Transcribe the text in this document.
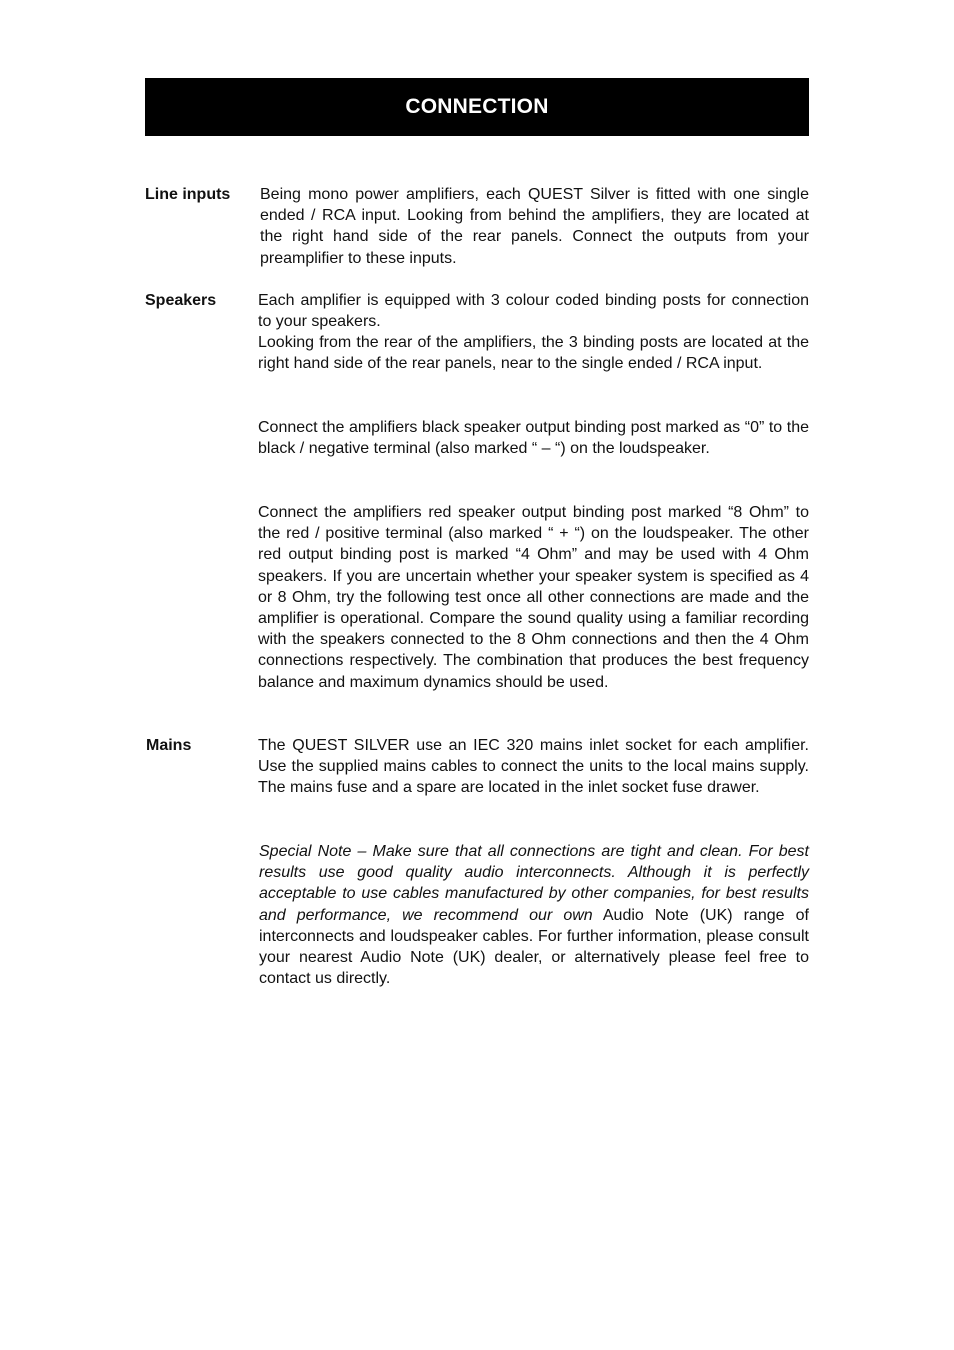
CONNECTION
Line inputs Being mono power amplifiers, each QUEST Silver is fitted with one single ended / RCA input. Looking from behind the amplifiers, they are located at the right hand side of the rear panels. Connect the outputs from your preamplifier to these inputs.

Speakers	Each amplifier is equipped with 3 colour coded binding posts for connection to your speakers.

Looking from the rear of the amplifiers, the 3 binding posts are located at the right hand side of the rear panels, near to the single ended / RCA input.

Connect the amplifiers black speaker output binding post marked as “0” to the black / negative terminal (also marked “ – “) on the loudspeaker.

Connect the amplifiers red speaker output binding post marked “8 Ohm” to the red / positive terminal (also marked “ + “) on the loudspeaker. The other red output binding post is marked “4 Ohm” and may be used with 4 Ohm speakers. If you are uncertain whether your speaker system is specified as 4 or 8 Ohm, try the following test once all other connections are made and the amplifier is operational. Compare the sound quality using a familiar recording with the speakers connected to the 8 Ohm connections and then the 4 Ohm connections respectively. The combination that produces the best frequency balance and maximum dynamics should be used.

Mains	The QUEST SILVER use an IEC 320 mains inlet socket for each amplifier. Use the supplied mains cables to connect the units to the local mains supply. The mains fuse and a spare are located in the inlet socket fuse drawer.

Special Note – Make sure that all connections are tight and clean. For best results use good quality audio interconnects. Although it is perfectly acceptable to use cables manufactured by other companies, for best results and performance, we recommend our own Audio Note (UK) range of interconnects and loudspeaker cables. For further information, please consult your nearest Audio Note (UK) dealer, or alternatively please feel free to contact us directly.
